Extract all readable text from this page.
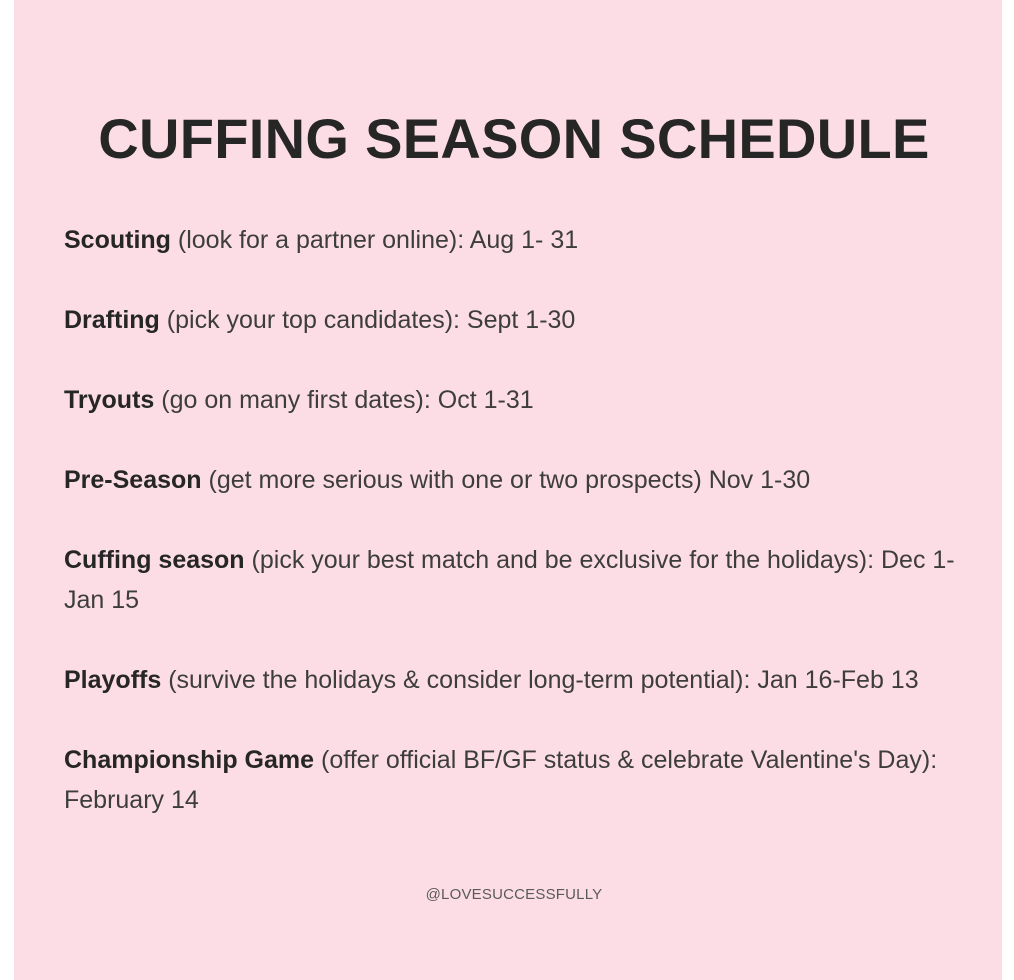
CUFFING SEASON SCHEDULE

Scouting (look for a partner online): Aug 1- 31

Drafting (pick your top candidates): Sept 1-30

Tryouts (go on many first dates): Oct 1-31

Pre-Season (get more serious with one or two prospects) Nov 1-30

Cuffing season (pick your best match and be exclusive for the holidays): Dec 1-Jan 15

Playoffs (survive the holidays & consider long-term potential): Jan 16-Feb 13

Championship Game (offer official BF/GF status & celebrate Valentine's Day): February 14

@LOVESUCCESSFULLY
